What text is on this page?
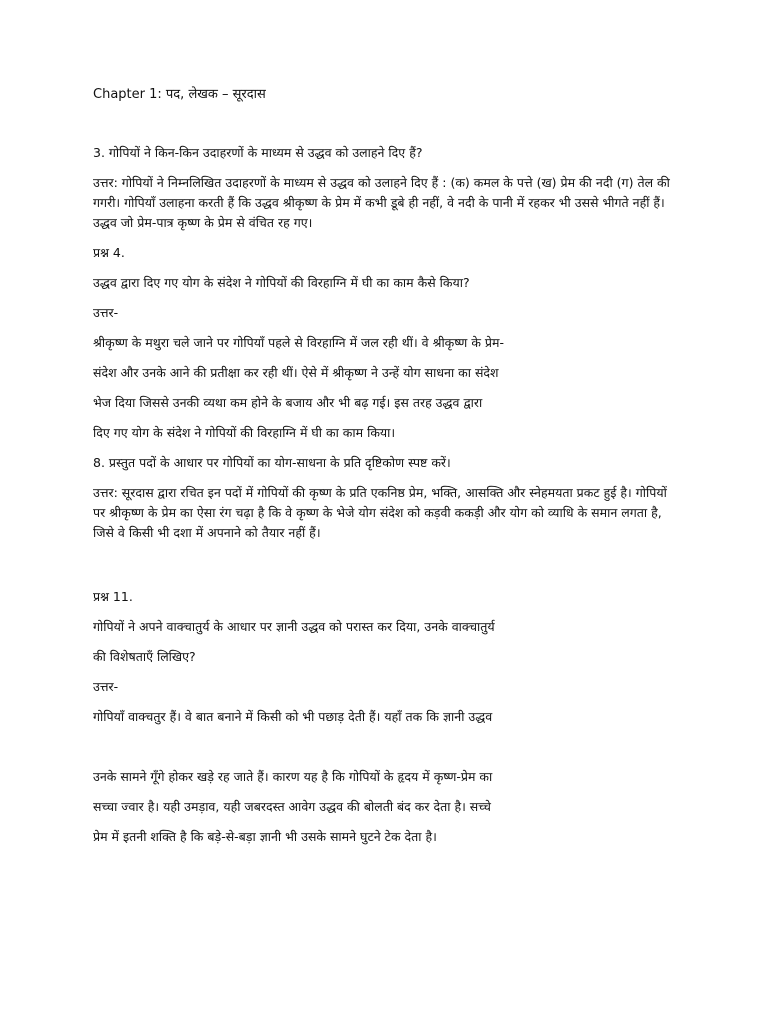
Chapter 1: पद, लेखक – सूरदास

3. गोपियों ने किन-किन उदाहरणों के माध्यम से उद्धव को उलाहने दिए हैं?

उत्तर: गोपियों ने निम्नलिखित उदाहरणों के माध्यम से उद्धव को उलाहने दिए हैं : (क) कमल के पत्ते (ख) प्रेम की नदी (ग) तेल की गगरी। गोपियाँ उलाहना करती हैं कि उद्धव श्रीकृष्ण के प्रेम में कभी डूबे ही नहीं, वे नदी के पानी में रहकर भी उससे भीगते नहीं हैं। उद्धव जो प्रेम-पात्र कृष्ण के प्रेम से वंचित रह गए।

प्रश्न 4.

उद्धव द्वारा दिए गए योग के संदेश ने गोपियों की विरहाग्नि में घी का काम कैसे किया?

उत्तर-

श्रीकृष्ण के मथुरा चले जाने पर गोपियाँ पहले से विरहाग्नि में जल रही थीं। वे श्रीकृष्ण के प्रेम-

संदेश और उनके आने की प्रतीक्षा कर रही थीं। ऐसे में श्रीकृष्ण ने उन्हें योग साधना का संदेश

भेज दिया जिससे उनकी व्यथा कम होने के बजाय और भी बढ़ गई। इस तरह उद्धव द्वारा

दिए गए योग के संदेश ने गोपियों की विरहाग्नि में घी का काम किया।

8. प्रस्तुत पदों के आधार पर गोपियों का योग-साधना के प्रति दृष्टिकोण स्पष्ट करें।

उत्तर: सूरदास द्वारा रचित इन पदों में गोपियों की कृष्ण के प्रति एकनिष्ठ प्रेम, भक्ति, आसक्ति और स्नेहमयता प्रकट हुई है। गोपियों पर श्रीकृष्ण के प्रेम का ऐसा रंग चढ़ा है कि वे कृष्ण के भेजे योग संदेश को कड़वी ककड़ी और योग को व्याधि के समान लगता है, जिसे वे किसी भी दशा में अपनाने को तैयार नहीं हैं।

प्रश्न 11.

गोपियों ने अपने वाक्चातुर्य के आधार पर ज्ञानी उद्धव को परास्त कर दिया, उनके वाक्चातुर्य

की विशेषताएँ लिखिए?

उत्तर-

गोपियाँ वाक्चतुर हैं। वे बात बनाने में किसी को भी पछाड़ देती हैं। यहाँ तक कि ज्ञानी उद्धव

उनके सामने गूँगे होकर खड़े रह जाते हैं। कारण यह है कि गोपियों के हृदय में कृष्ण-प्रेम का

सच्चा ज्वार है। यही उमड़ाव, यही जबरदस्त आवेग उद्धव की बोलती बंद कर देता है। सच्चे

प्रेम में इतनी शक्ति है कि बड़े-से-बड़ा ज्ञानी भी उसके सामने घुटने टेक देता है।
